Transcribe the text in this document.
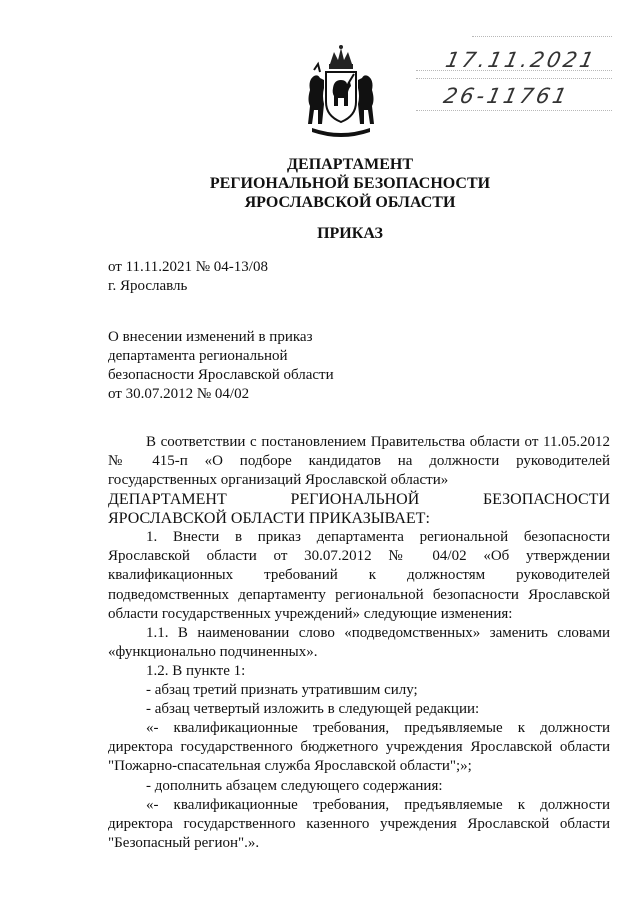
17.11.2021
26-11761
ДЕПАРТАМЕНТ
РЕГИОНАЛЬНОЙ БЕЗОПАСНОСТИ
ЯРОСЛАВСКОЙ ОБЛАСТИ
ПРИКАЗ
от 11.11.2021 № 04-13/08
г. Ярославль
О внесении изменений в приказ
департамента региональной
безопасности Ярославской области
от 30.07.2012 № 04/02

В соответствии с постановлением Правительства области от 11.05.2012 № 415-п «О подборе кандидатов на должности руководителей государственных организаций Ярославской области»

ДЕПАРТАМЕНТ РЕГИОНАЛЬНОЙ БЕЗОПАСНОСТИ ЯРОСЛАВСКОЙ ОБЛАСТИ ПРИКАЗЫВАЕТ:

1. Внести в приказ департамента региональной безопасности Ярославской области от 30.07.2012 № 04/02 «Об утверждении квалификационных требований к должностям руководителей подведомственных департаменту региональной безопасности Ярославской области государственных учреждений» следующие изменения:

1.1. В наименовании слово «подведомственных» заменить словами «функционально подчиненных».

1.2. В пункте 1:

- абзац третий признать утратившим силу;

- абзац четвертый изложить в следующей редакции:

«- квалификационные требования, предъявляемые к должности директора государственного бюджетного учреждения Ярославской области "Пожарно-спасательная служба Ярославской области";»;

- дополнить абзацем следующего содержания:

«- квалификационные требования, предъявляемые к должности директора государственного казенного учреждения Ярославской области "Безопасный регион".».
